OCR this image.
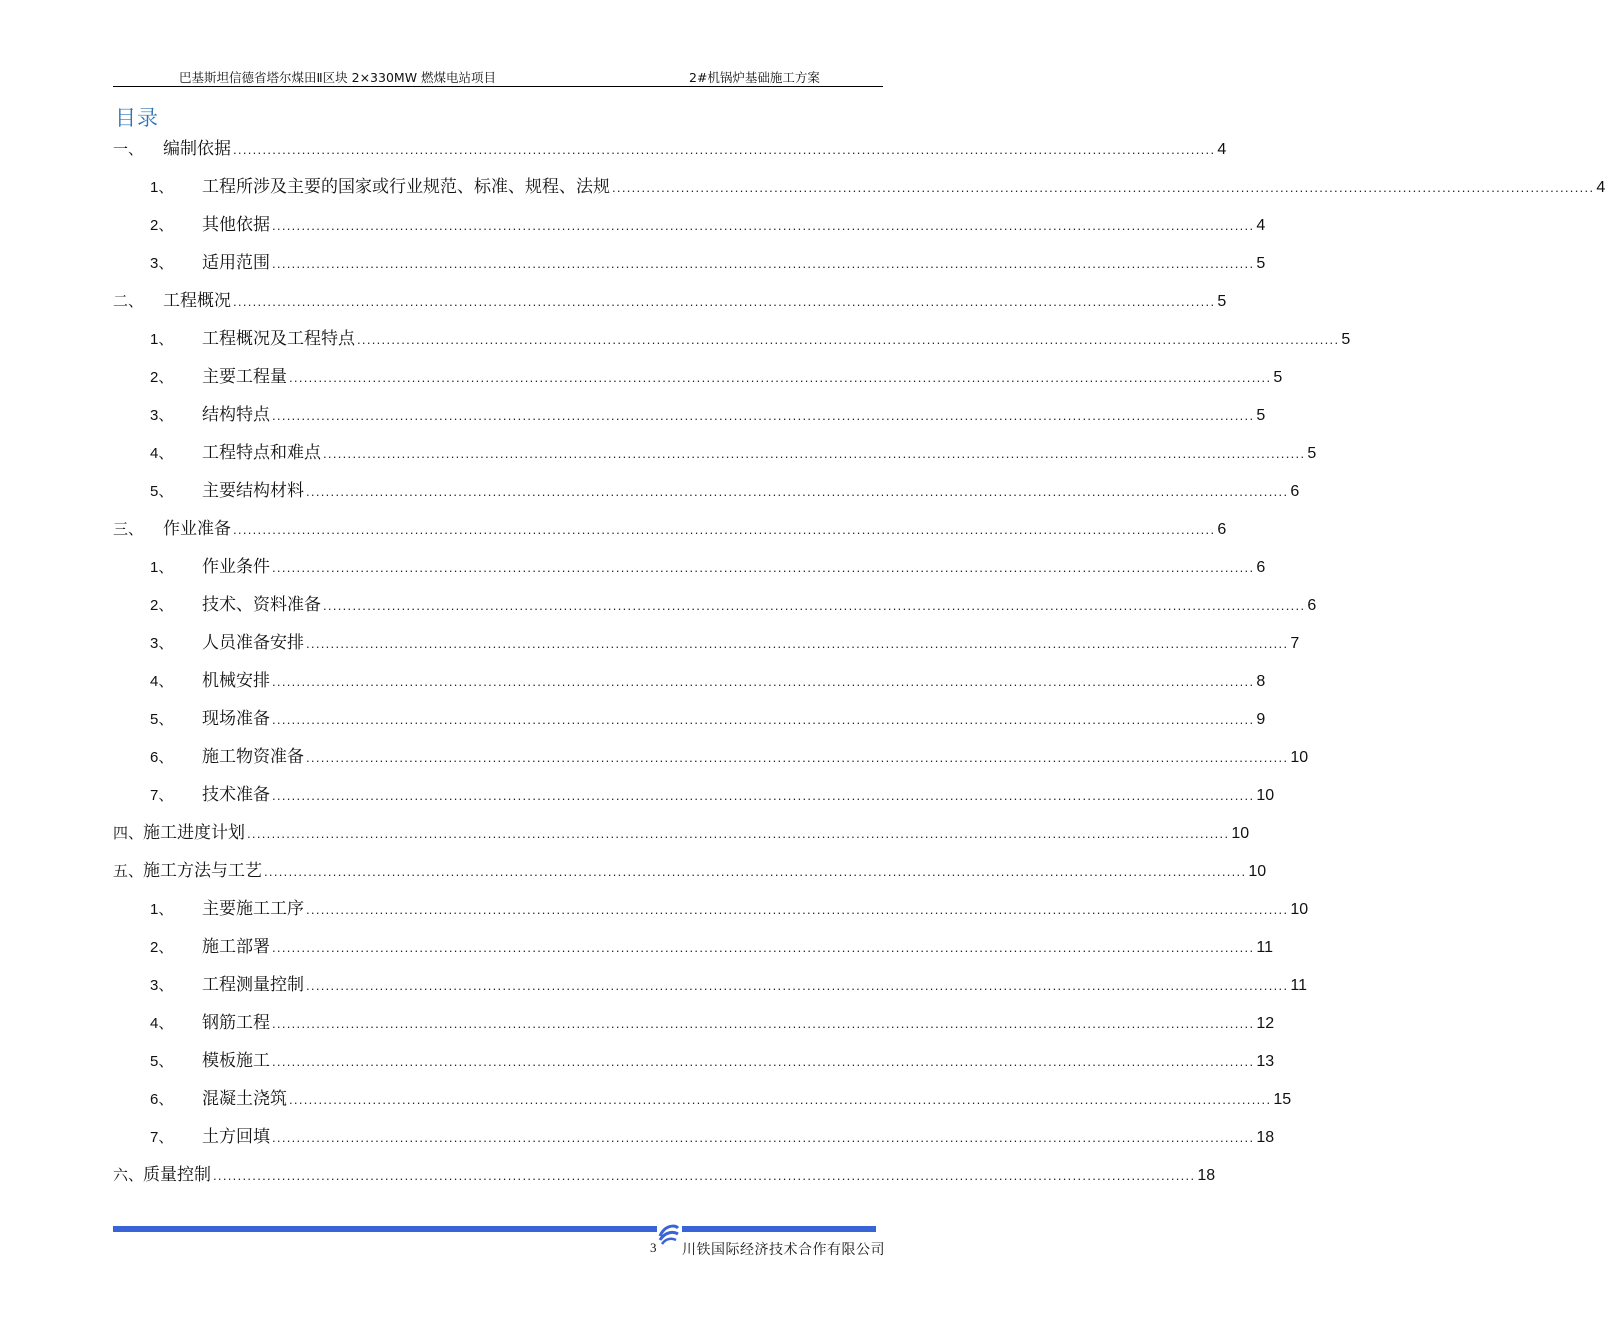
巴基斯坦信德省塔尔煤田Ⅱ区块 2×330MW 燃煤电站项目	2#机锅炉基础施工方案
目录
一、	编制依据 ........................................................................................................................................................................................................ 4
1、	工程所涉及主要的国家或行业规范、标准、规程、法规 ........................................................................................................................................................................................................ 4
2、	其他依据 ........................................................................................................................................................................................................ 4
3、	适用范围 ........................................................................................................................................................................................................ 5
二、	工程概况 ........................................................................................................................................................................................................ 5
1、	工程概况及工程特点 ........................................................................................................................................................................................................ 5
2、	主要工程量 ........................................................................................................................................................................................................ 5
3、	结构特点 ........................................................................................................................................................................................................ 5
4、	工程特点和难点 ........................................................................................................................................................................................................ 5
5、	主要结构材料 ........................................................................................................................................................................................................ 6
三、	作业准备 ........................................................................................................................................................................................................ 6
1、	作业条件 ........................................................................................................................................................................................................ 6
2、	技术、资料准备 ........................................................................................................................................................................................................ 6
3、	人员准备安排 ........................................................................................................................................................................................................ 7
4、	机械安排 ........................................................................................................................................................................................................ 8
5、	现场准备 ........................................................................................................................................................................................................ 9
6、	施工物资准备 ........................................................................................................................................................................................................ 10
7、	技术准备 ........................................................................................................................................................................................................ 10
四、 施工进度计划 ........................................................................................................................................................................................................ 10
五、 施工方法与工艺 ........................................................................................................................................................................................................ 10
1、	主要施工工序 ........................................................................................................................................................................................................ 10
2、	施工部署 ........................................................................................................................................................................................................ 11
3、	工程测量控制 ........................................................................................................................................................................................................ 11
4、	钢筋工程 ........................................................................................................................................................................................................ 12
5、	模板施工 ........................................................................................................................................................................................................ 13
6、	混凝土浇筑 ........................................................................................................................................................................................................ 15
7、	土方回填 ........................................................................................................................................................................................................ 18
六、 质量控制 ........................................................................................................................................................................................................ 18
3 川铁国际经济技术合作有限公司
